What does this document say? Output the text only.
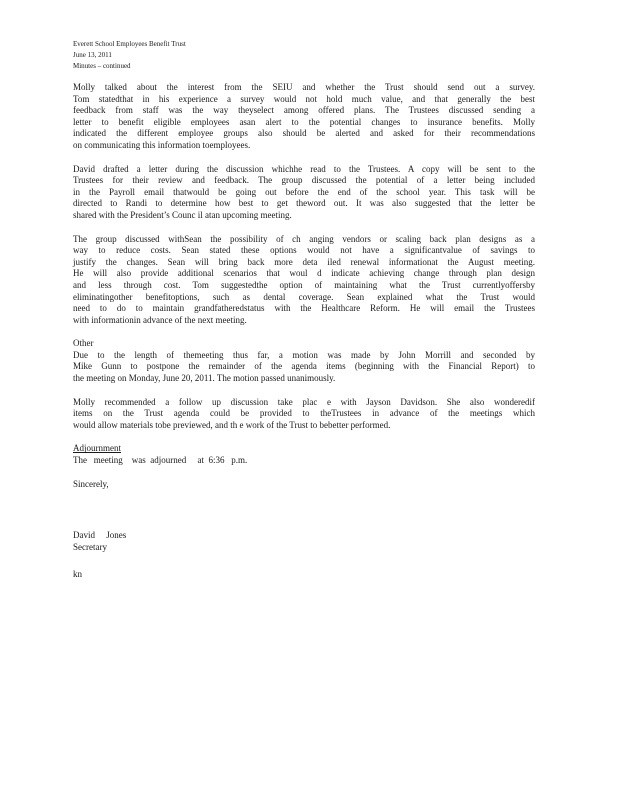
Everett School Employees Benefit Trust
June 13, 2011
Minutes – continued
Molly talked about the interest from the SEIU and whether the Trust should send out a survey.
Tom statedthat in his experience a survey would not hold much value, and that generally the best
feedback from staff was the way theyselect among offered plans. The Trustees discussed sending a
letter to benefit eligible employees asan alert to the potential changes to insurance benefits. Molly
indicated the different employee groups also should be alerted and asked for their recommendations
on communicating this information toemployees.
David drafted a letter during the discussion whichhe read to the Trustees. A copy will be sent to the
Trustees for their review and feedback. The group discussed the potential of a letter being included
in the Payroll email thatwould be going out before the end of the school year. This task will be
directed to Randi to determine how best to get theword out. It was also suggested that the letter be
shared with the President’s Counc il atan upcoming meeting.
The group discussed withSean the possibility of ch anging vendors or scaling back plan designs as a
way to reduce costs. Sean stated these options would not have a significantvalue of savings to
justify the changes. Sean will bring back more deta iled renewal informationat the August meeting.
He will also provide additional scenarios that woul d indicate achieving change through plan design
and less through cost. Tom suggestedthe option of maintaining what the Trust currentlyoffersby
eliminatingother benefitoptions, such as dental coverage. Sean explained what the Trust would
need to do to maintain grandfatheredstatus with the Healthcare Reform. He will email the Trustees
with informationin advance of the next meeting.
Other
Due to the length of themeeting thus far, a motion was made by John Morrill and seconded by
Mike Gunn to postpone the remainder of the agenda items (beginning with the Financial Report) to
the meeting on Monday, June 20, 2011. The motion passed unanimously.
Molly recommended a follow up discussion take plac e with Jayson Davidson. She also wonderedif
items on the Trust agenda could be provided to theTrustees in advance of the meetings which
would allow materials tobe previewed, and th e work of the Trust to bebetter performed.
Adjournment
The   meeting    was  adjourned     at  6:36   p.m.
Sincerely,
David     Jones
Secretary
kn
